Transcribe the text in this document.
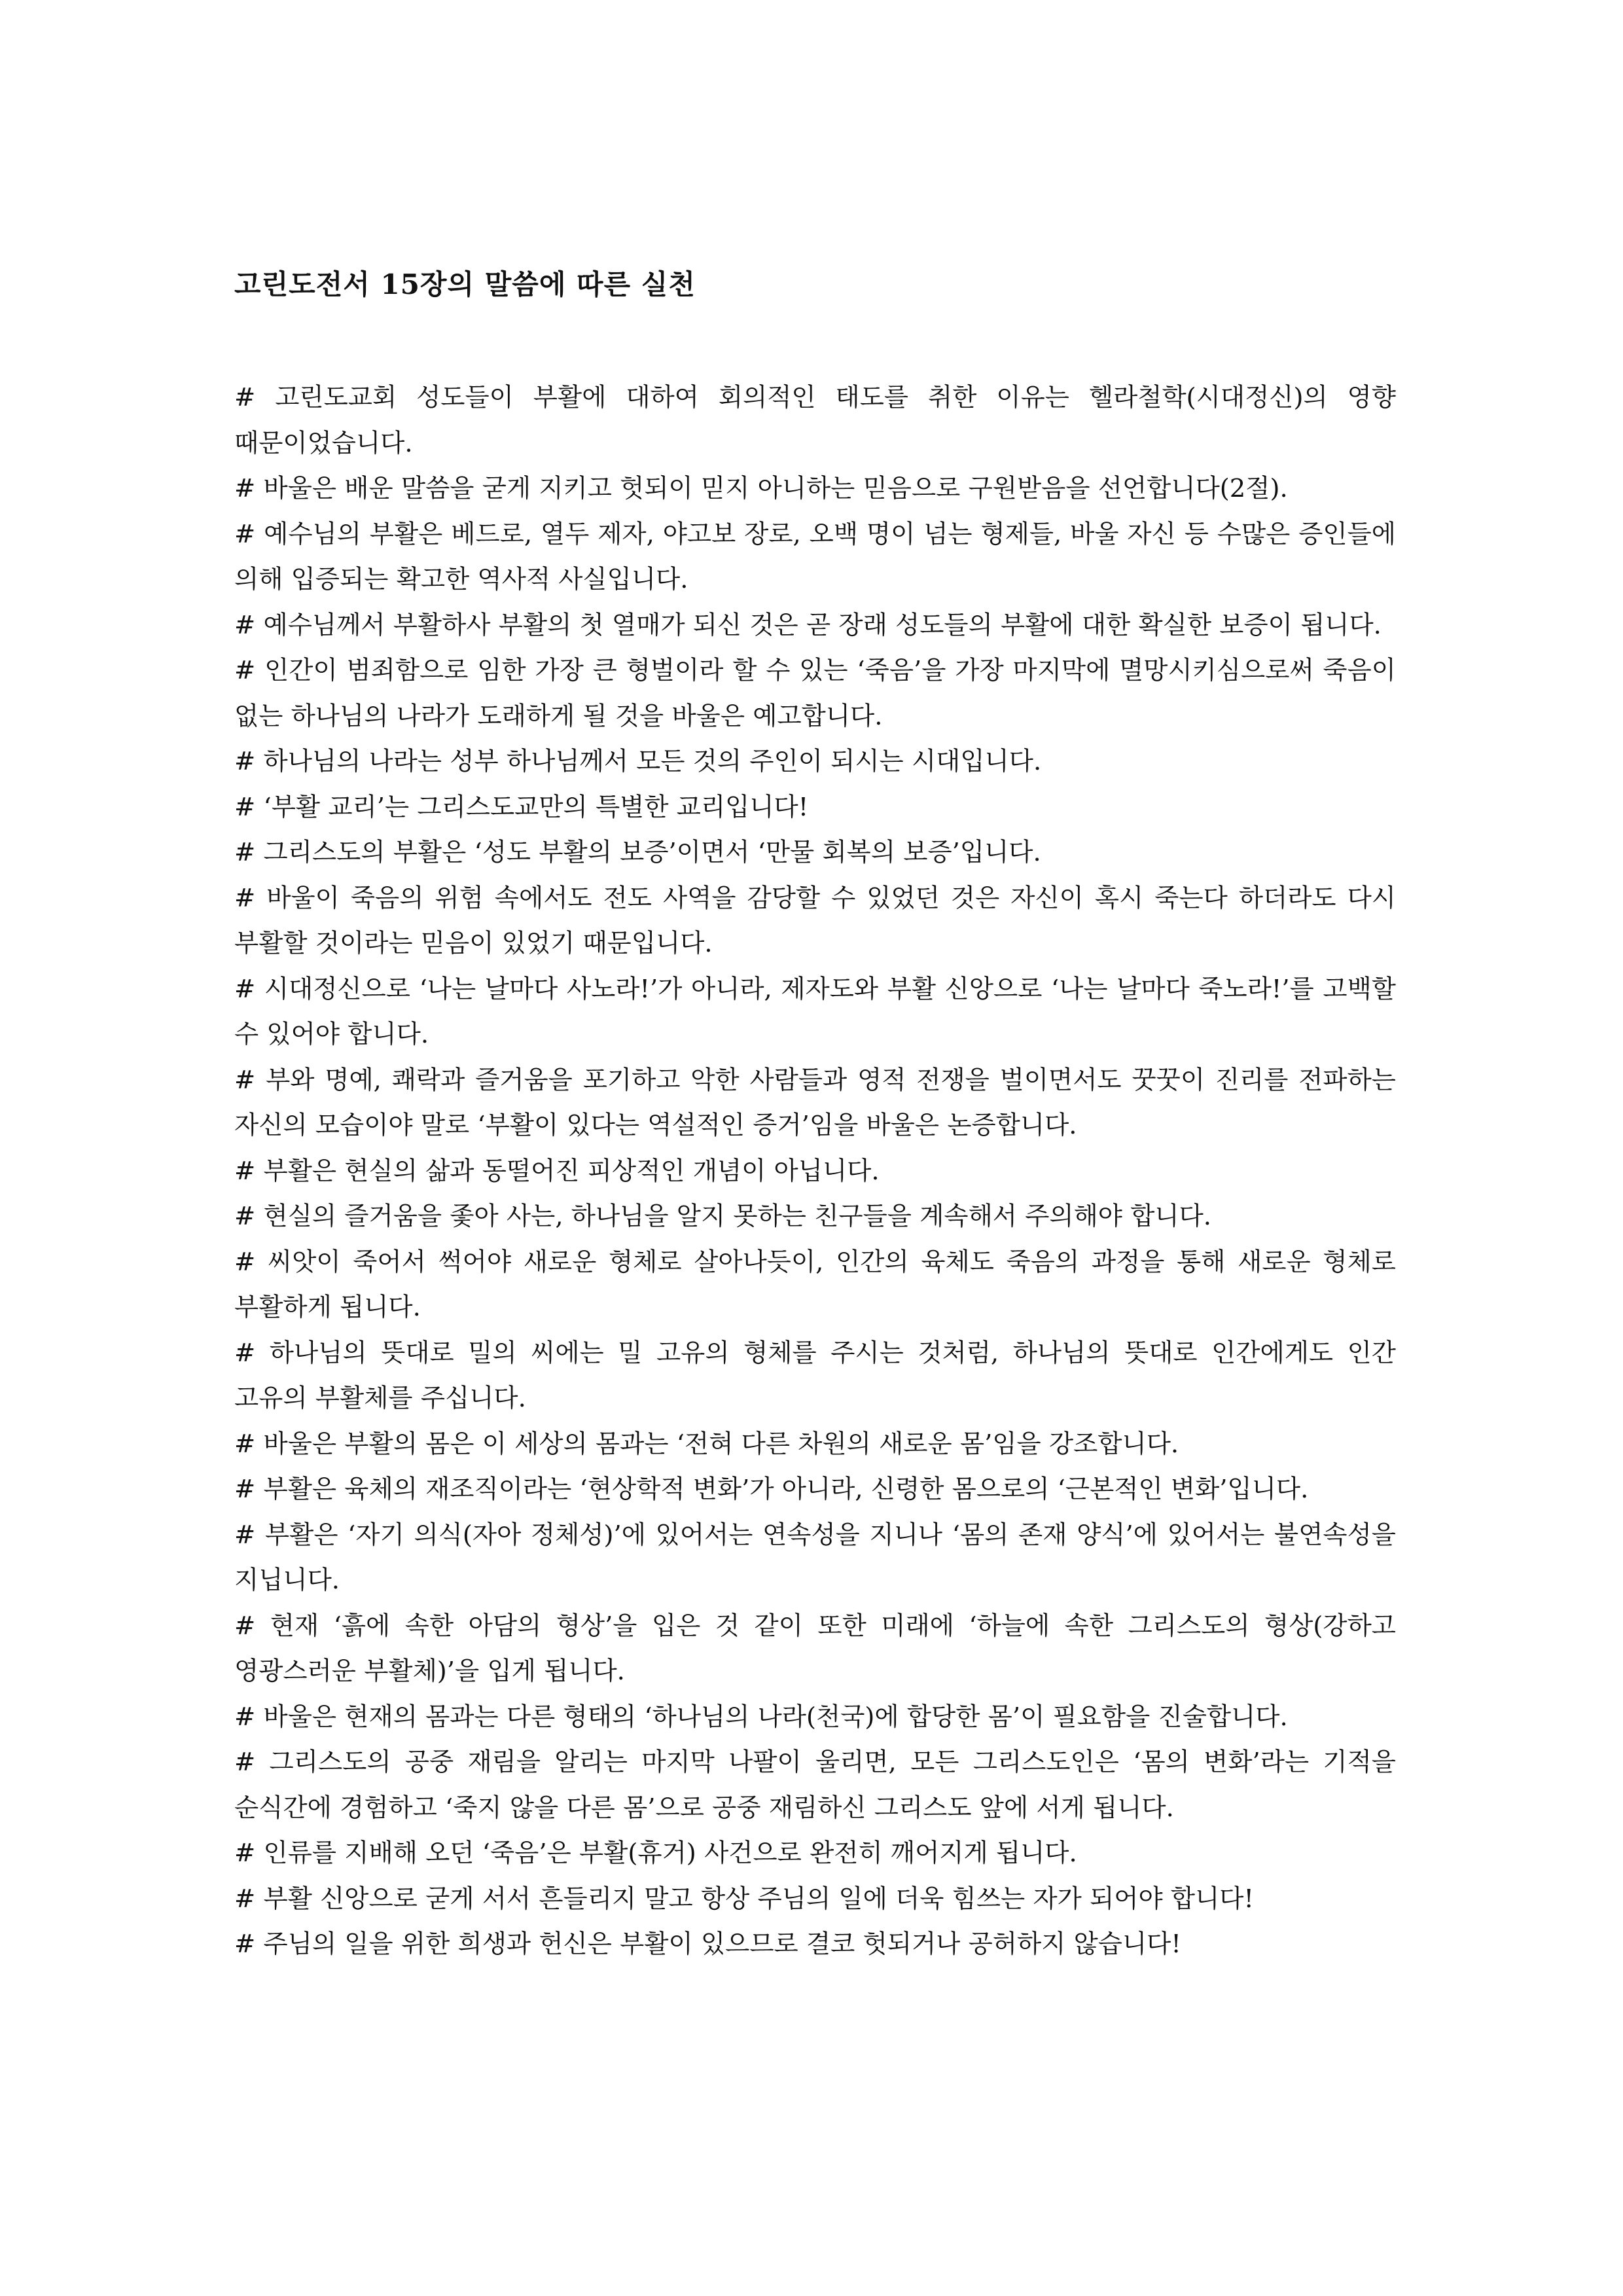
고린도전서 15장의 말씀에 따른 실천
# 고린도교회 성도들이 부활에 대하여 회의적인 태도를 취한 이유는 헬라철학(시대정신)의 영향 때문이었습니다.
# 바울은 배운 말씀을 굳게 지키고 헛되이 믿지 아니하는 믿음으로 구원받음을 선언합니다(2절).
# 예수님의 부활은 베드로, 열두 제자, 야고보 장로, 오백 명이 넘는 형제들, 바울 자신 등 수많은 증인들에 의해 입증되는 확고한 역사적 사실입니다.
# 예수님께서 부활하사 부활의 첫 열매가 되신 것은 곧 장래 성도들의 부활에 대한 확실한 보증이 됩니다.
# 인간이 범죄함으로 임한 가장 큰 형벌이라 할 수 있는 ‘죽음’을 가장 마지막에 멸망시키심으로써 죽음이 없는 하나님의 나라가 도래하게 될 것을 바울은 예고합니다.
# 하나님의 나라는 성부 하나님께서 모든 것의 주인이 되시는 시대입니다.
# ‘부활 교리’는 그리스도교만의 특별한 교리입니다!
# 그리스도의 부활은 ‘성도 부활의 보증’이면서 ‘만물 회복의 보증’입니다.
# 바울이 죽음의 위험 속에서도 전도 사역을 감당할 수 있었던 것은 자신이 혹시 죽는다 하더라도 다시 부활할 것이라는 믿음이 있었기 때문입니다.
# 시대정신으로 ‘나는 날마다 사노라!’가 아니라, 제자도와 부활 신앙으로 ‘나는 날마다 죽노라!’를 고백할 수 있어야 합니다.
# 부와 명예, 쾌락과 즐거움을 포기하고 악한 사람들과 영적 전쟁을 벌이면서도 꿋꿋이 진리를 전파하는 자신의 모습이야 말로 ‘부활이 있다는 역설적인 증거’임을 바울은 논증합니다.
# 부활은 현실의 삶과 동떨어진 피상적인 개념이 아닙니다.
# 현실의 즐거움을 좇아 사는, 하나님을 알지 못하는 친구들을 계속해서 주의해야 합니다.
# 씨앗이 죽어서 썩어야 새로운 형체로 살아나듯이, 인간의 육체도 죽음의 과정을 통해 새로운 형체로 부활하게 됩니다.
# 하나님의 뜻대로 밀의 씨에는 밀 고유의 형체를 주시는 것처럼, 하나님의 뜻대로 인간에게도 인간 고유의 부활체를 주십니다.
# 바울은 부활의 몸은 이 세상의 몸과는 ‘전혀 다른 차원의 새로운 몸’임을 강조합니다.
# 부활은 육체의 재조직이라는 ‘현상학적 변화’가 아니라, 신령한 몸으로의 ‘근본적인 변화’입니다.
# 부활은 ‘자기 의식(자아 정체성)’에 있어서는 연속성을 지니나 ‘몸의 존재 양식’에 있어서는 불연속성을 지닙니다.
# 현재 ‘흙에 속한 아담의 형상’을 입은 것 같이 또한 미래에 ‘하늘에 속한 그리스도의 형상(강하고 영광스러운 부활체)’을 입게 됩니다.
# 바울은 현재의 몸과는 다른 형태의 ‘하나님의 나라(천국)에 합당한 몸’이 필요함을 진술합니다.
# 그리스도의 공중 재림을 알리는 마지막 나팔이 울리면, 모든 그리스도인은 ‘몸의 변화’라는 기적을 순식간에 경험하고 ‘죽지 않을 다른 몸’으로 공중 재림하신 그리스도 앞에 서게 됩니다.
# 인류를 지배해 오던 ‘죽음’은 부활(휴거) 사건으로 완전히 깨어지게 됩니다.
# 부활 신앙으로 굳게 서서 흔들리지 말고 항상 주님의 일에 더욱 힘쓰는 자가 되어야 합니다!
# 주님의 일을 위한 희생과 헌신은 부활이 있으므로 결코 헛되거나 공허하지 않습니다!
